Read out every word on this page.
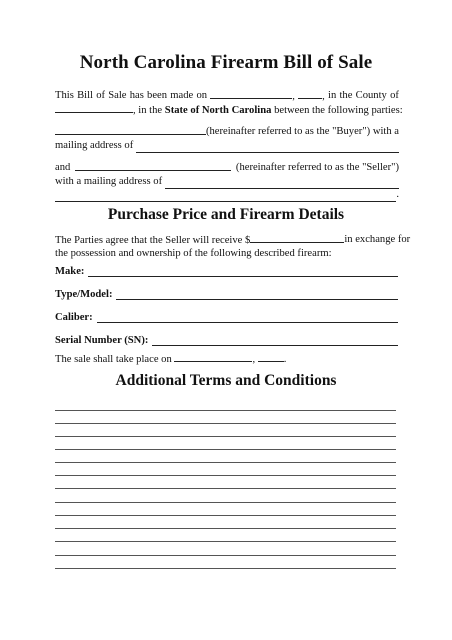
North Carolina Firearm Bill of Sale
This Bill of Sale has been made on	,	, in the County of
, in the State of North Carolina between the following parties:
(hereinafter referred to as the "Buyer") with a
mailing address of
and	(hereinafter referred to as the "Seller")
with a mailing address of
.
Purchase Price and Firearm Details
The Parties agree that the Seller will receive $	in exchange for
the possession and ownership of the following described firearm:
Make:
Type/Model:
Caliber:
Serial Number (SN):
The sale shall take place on	,	.
Additional Terms and Conditions
